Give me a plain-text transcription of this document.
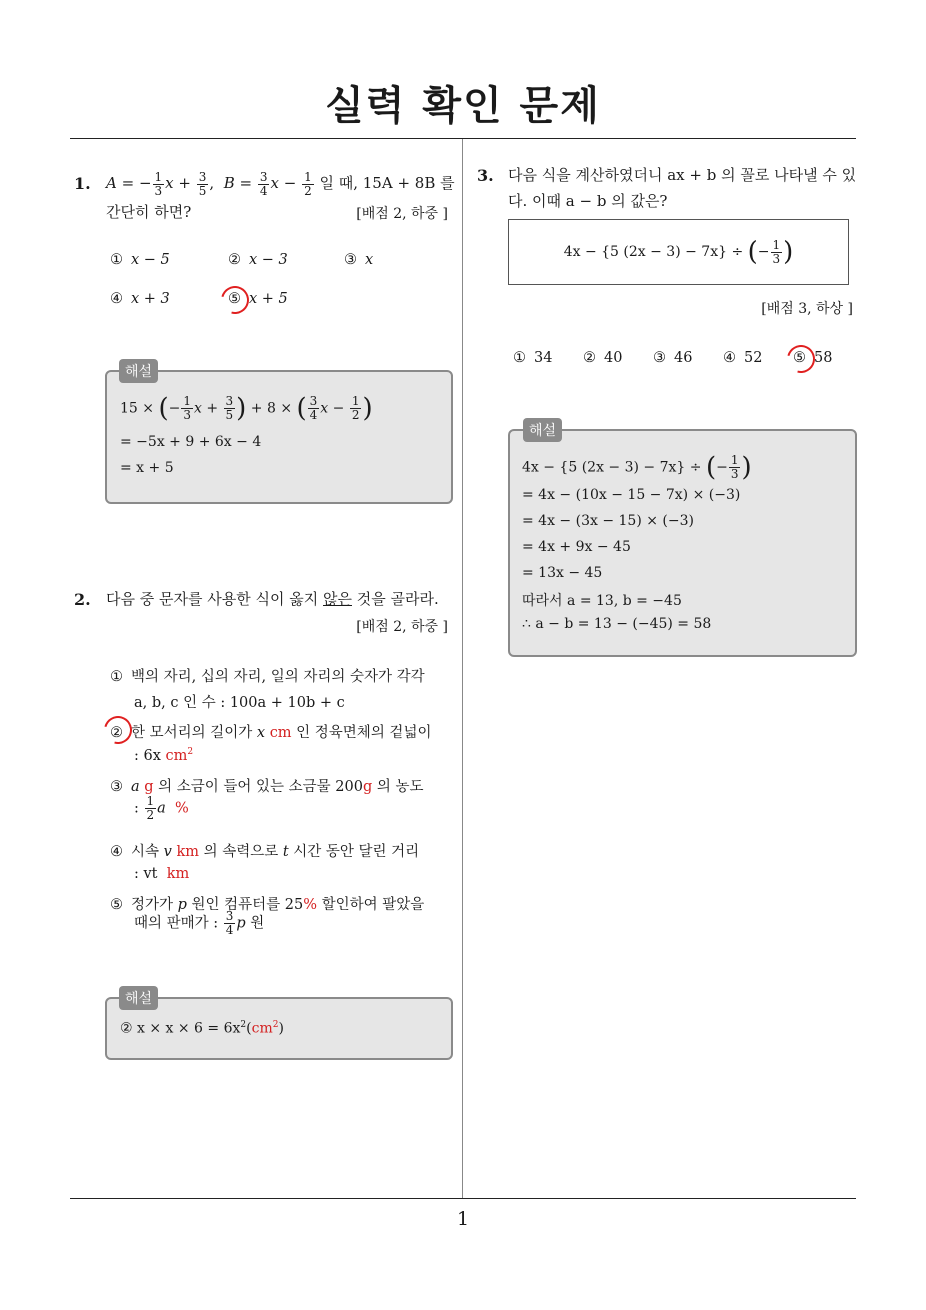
실력 확인 문제
1. A = − $\frac{1}{3}$ $x + \frac{3}{5}$ ,  $B = \frac{3}{4}$ $x - \frac{1}{2}$ 일 때, 15A + 8B 를
간단히 하면?	[배점 2, 하중 ]
① x − 5	② x − 3	③ x
④ x + 3	⑤ x + 5
해설
15 × (− $\frac{1}{3}$ $x + \frac{3}{5}$ ) + 8 × ( $\frac{3}{4}$ $x - \frac{1}{2}$ )
= −5x + 9 + 6x − 4
= x + 5
2. 다음 중 문자를 사용한 식이 옳지 않은 것을 골라라.
[배점 2, 하중 ]
① 백의 자리, 십의 자리, 일의 자리의 숫자가 각각
a, b, c 인 수 : 100a + 10b + c
② 한 모서리의 길이가 x cm 인 정육면체의 겉넓이
: 6x $cm^2$
③ a g 의 소금이 들어 있는 소금물 200g 의 농도
: $\frac{1}{2}$ a %
④ 시속 v km 의 속력으로 t 시간 동안 달린 거리
: vt km
⑤ 정가가 p 원인 컴퓨터를 25% 할인하여 팔았을
때의 판매가 : $\frac{3}{4}$ p 원
해설
② $x \times x \times 6 = 6x^2(cm^2)$
3. 다음 식을 계산하였더니 ax + b 의 꼴로 나타낼 수 있
다. 이때 a − b 의 값은?
4x − {5 (2x − 3) − 7x} ÷
( − $\frac{1}{3}$ )
[배점 3, 하상 ]
① 34 ② 40 ③ 46 ④ 52 ⑤ 58
해설
4x − {5 (2x − 3) − 7x} ÷ (− $\frac{1}{3}$ )
= 4x − (10x − 15 − 7x) × (−3)
= 4x − (3x − 15) × (−3)
= 4x + 9x − 45
= 13x − 45
따라서 a = 13, b = −45
∴ a − b = 13 − (−45) = 58
1
